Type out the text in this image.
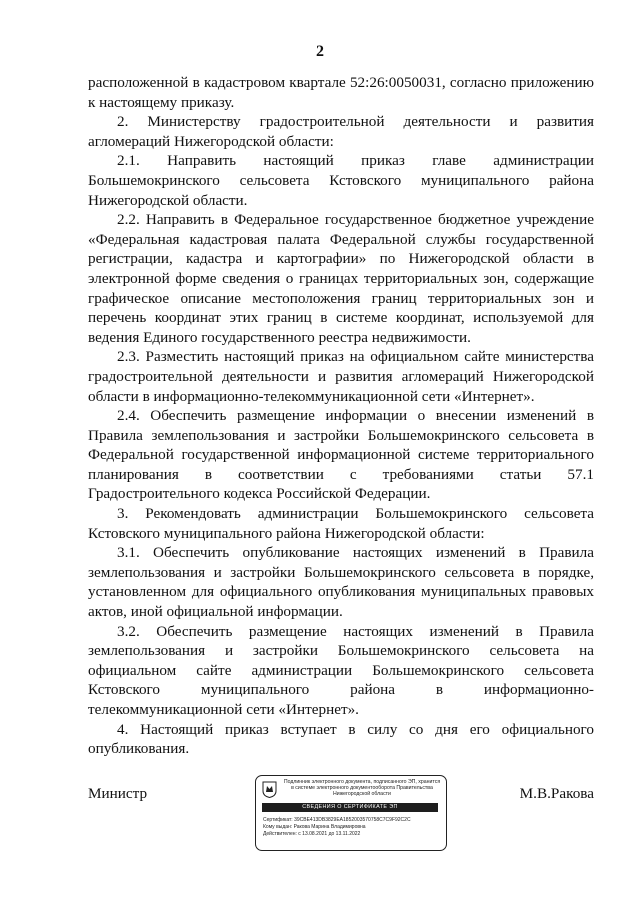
2

расположенной в кадастровом квартале 52:26:0050031, согласно приложению к настоящему приказу.

2. Министерству градостроительной деятельности и развития агломераций Нижегородской области:

2.1. Направить настоящий приказ главе администрации Большемокринского сельсовета Кстовского муниципального района Нижегородской области.

2.2. Направить в Федеральное государственное бюджетное учреждение «Федеральная кадастровая палата Федеральной службы государственной регистрации, кадастра и картографии» по Нижегородской области в электронной форме сведения о границах территориальных зон, содержащие графическое описание местоположения границ территориальных зон и перечень координат этих границ в системе координат, используемой для ведения Единого государственного реестра недвижимости.

2.3. Разместить настоящий приказ на официальном сайте министерства градостроительной деятельности и развития агломераций Нижегородской области в информационно-телекоммуникационной сети «Интернет».

2.4. Обеспечить размещение информации о внесении изменений в Правила землепользования и застройки Большемокринского сельсовета в Федеральной государственной информационной системе территориального планирования в соответствии с требованиями статьи 57.1 Градостроительного кодекса Российской Федерации.

3. Рекомендовать администрации Большемокринского сельсовета Кстовского муниципального района Нижегородской области:

3.1. Обеспечить опубликование настоящих изменений в Правила землепользования и застройки Большемокринского сельсовета в порядке, установленном для официального опубликования муниципальных правовых актов, иной официальной информации.

3.2. Обеспечить размещение настоящих изменений в Правила землепользования и застройки Большемокринского сельсовета на официальном сайте администрации Большемокринского сельсовета Кстовского муниципального района в информационно-телекоммуникационной сети «Интернет».

4. Настоящий приказ вступает в силу со дня его официального опубликования.

Министр
Подлинник электронного документа, подписанного ЭП, хранится в системе электронного документооборота Правительства Нижегородской области
СВЕДЕНИЯ О СЕРТИФИКАТЕ ЭП
Сертификат: 39CBE413DB3829EA1852003570758C7C9F92C2C
Кому выдан: Ракова Марина Владимировна
Действителен: с 13.08.2021 до 13.11.2022
М.В.Ракова
